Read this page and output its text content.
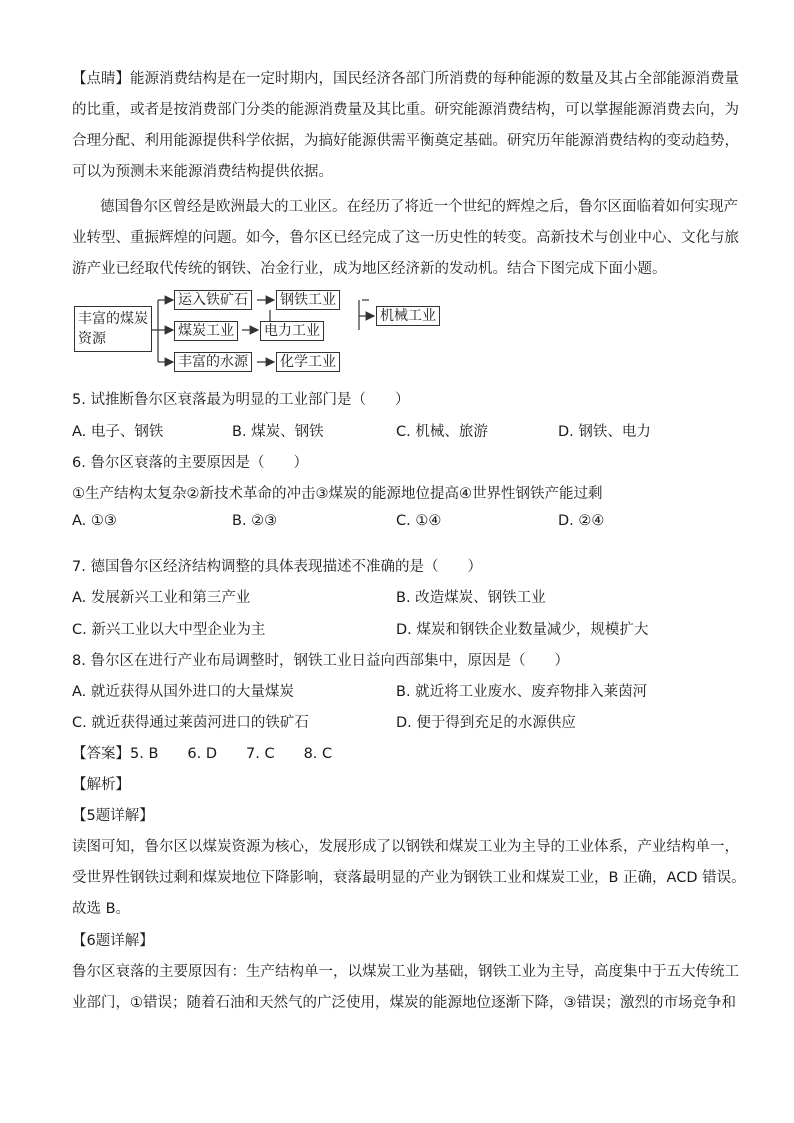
【点睛】能源消费结构是在一定时期内，国民经济各部门所消费的每种能源的数量及其占全部能源消费量
的比重，或者是按消费部门分类的能源消费量及其比重。研究能源消费结构，可以掌握能源消费去向，为
合理分配、利用能源提供科学依据，为搞好能源供需平衡奠定基础。研究历年能源消费结构的变动趋势，
可以为预测未来能源消费结构提供依据。
德国鲁尔区曾经是欧洲最大的工业区。在经历了将近一个世纪的辉煌之后，鲁尔区面临着如何实现产
业转型、重振辉煌的问题。如今，鲁尔区已经完成了这一历史性的转变。高新技术与创业中心、文化与旅
游产业已经取代传统的钢铁、冶金行业，成为地区经济新的发动机。结合下图完成下面小题。
丰富的煤炭资源
运入铁矿石 钢铁工业
煤炭工业 电力工业
丰富的水源 化学工业
机械工业
5. 试推断鲁尔区衰落最为明显的工业部门是（　　）
A. 电子、钢铁	B. 煤炭、钢铁	C. 机械、旅游	D. 钢铁、电力
6. 鲁尔区衰落的主要原因是（　　）
①生产结构太复杂②新技术革命的冲击③煤炭的能源地位提高④世界性钢铁产能过剩
A. ①③	B. ②③	C. ①④	D. ②④
7. 德国鲁尔区经济结构调整的具体表现描述不准确的是（　　）
A. 发展新兴工业和第三产业	B. 改造煤炭、钢铁工业
C. 新兴工业以大中型企业为主	D. 煤炭和钢铁企业数量减少，规模扩大
8. 鲁尔区在进行产业布局调整时，钢铁工业日益向西部集中，原因是（　　）
A. 就近获得从国外进口的大量煤炭	B. 就近将工业废水、废弃物排入莱茵河
C. 就近获得通过莱茵河进口的铁矿石	D. 便于得到充足的水源供应
【答案】5. B　　6. D　　7. C　　8. C
【解析】
【5题详解】
读图可知，鲁尔区以煤炭资源为核心，发展形成了以钢铁和煤炭工业为主导的工业体系，产业结构单一，
受世界性钢铁过剩和煤炭地位下降影响，衰落最明显的产业为钢铁工业和煤炭工业，B 正确，ACD 错误。
故选 B。
【6题详解】
鲁尔区衰落的主要原因有：生产结构单一，以煤炭工业为基础，钢铁工业为主导，高度集中于五大传统工
业部门，①错误；随着石油和天然气的广泛使用，煤炭的能源地位逐渐下降，③错误；激烈的市场竞争和
